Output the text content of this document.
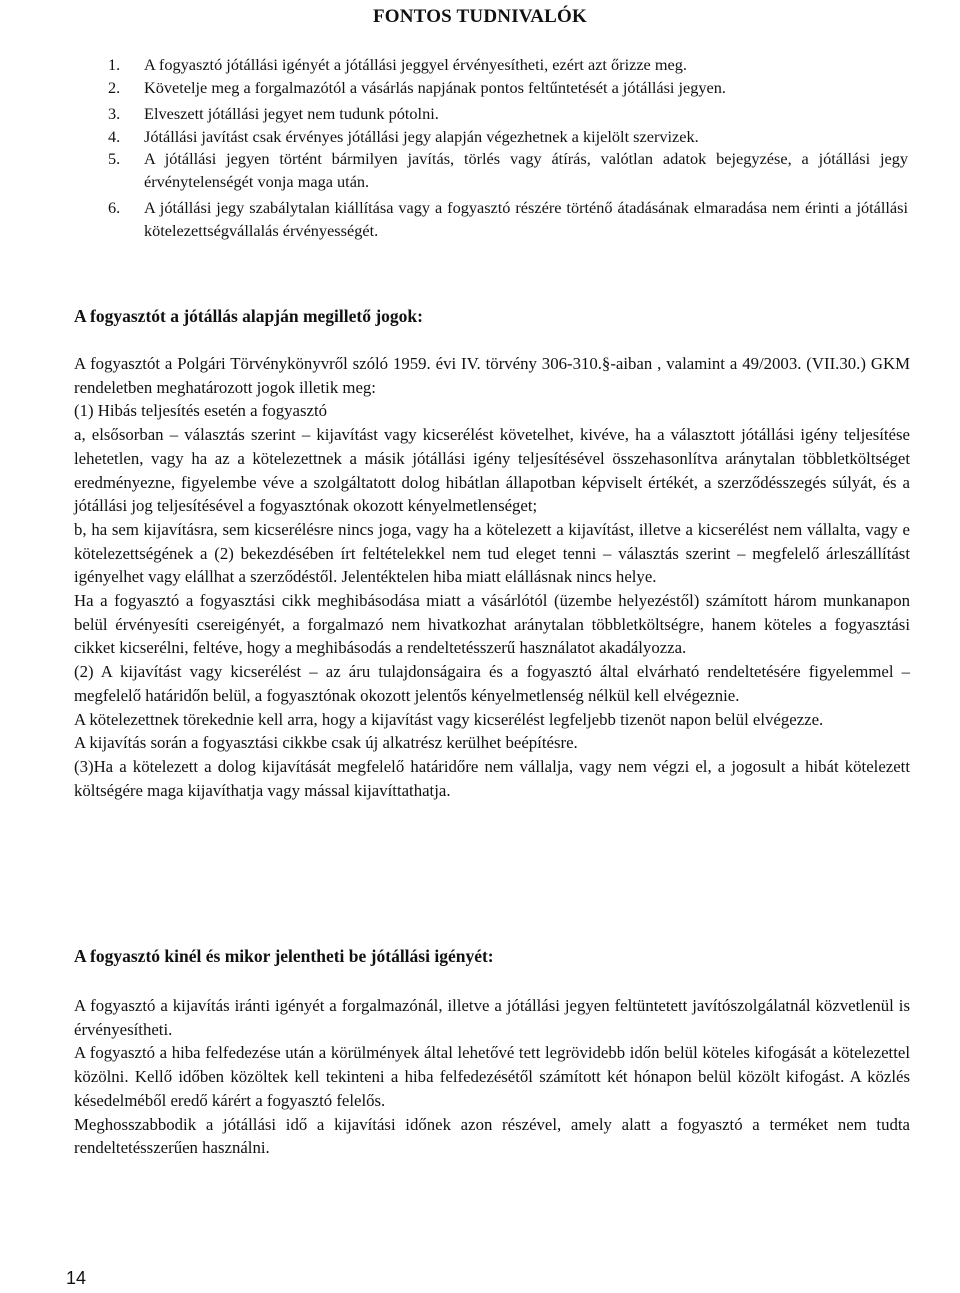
FONTOS TUDNIVALÓK
1.	A fogyasztó jótállási igényét a jótállási jeggyel érvényesítheti, ezért azt őrizze meg.
2.	Követelje meg a forgalmazótól a vásárlás napjának pontos feltűntetését a jótállási jegyen.
3.	Elveszett jótállási jegyet nem tudunk pótolni.
4.	Jótállási javítást csak érvényes jótállási jegy alapján végezhetnek a kijelölt szervizek.
5.	A jótállási jegyen történt bármilyen javítás, törlés vagy átírás, valótlan adatok bejegyzése, a jótállási jegy érvénytelenségét vonja maga után.
6.	A jótállási jegy szabálytalan kiállítása vagy a fogyasztó részére történő átadásának elmaradása nem érinti a jótállási kötelezettségvállalás érvényességét.
A fogyasztót a jótállás alapján megillető jogok:

A fogyasztót a Polgári Törvénykönyvről szóló 1959. évi IV. törvény 306-310.§-aiban , valamint a 49/2003. (VII.30.) GKM rendeletben meghatározott jogok illetik meg:

(1) Hibás teljesítés esetén a fogyasztó

a, elsősorban – választás szerint – kijavítást vagy kicserélést követelhet, kivéve, ha a választott jótállási igény teljesítése lehetetlen, vagy ha az a kötelezettnek a másik jótállási igény teljesítésével összehasonlítva aránytalan többletköltséget eredményezne, figyelembe véve a szolgáltatott dolog hibátlan állapotban képviselt értékét, a szerződésszegés súlyát, és a jótállási jog teljesítésével a fogyasztónak okozott kényelmetlenséget;

b, ha sem kijavításra, sem kicserélésre nincs joga, vagy ha a kötelezett a kijavítást, illetve a kicserélést nem vállalta, vagy e kötelezettségének a (2) bekezdésében írt feltételekkel nem tud eleget tenni – választás szerint – megfelelő árleszállítást igényelhet vagy elállhat a szerződéstől. Jelentéktelen hiba miatt elállásnak nincs helye.

Ha a fogyasztó a fogyasztási cikk meghibásodása miatt a vásárlótól (üzembe helyezéstől) számított három munkanapon belül érvényesíti csereigényét, a forgalmazó nem hivatkozhat aránytalan többletköltségre, hanem köteles a fogyasztási cikket kicserélni, feltéve, hogy a meghibásodás a rendeltetésszerű használatot akadályozza.

(2) A kijavítást vagy kicserélést – az áru tulajdonságaira és a fogyasztó által elvárható rendeltetésére figyelemmel – megfelelő határidőn belül, a fogyasztónak okozott jelentős kényelmetlenség nélkül kell elvégeznie.

A kötelezettnek törekednie kell arra, hogy a kijavítást vagy kicserélést legfeljebb tizenöt napon belül elvégezze.

A kijavítás során a fogyasztási cikkbe csak új alkatrész kerülhet beépítésre.

(3)Ha a kötelezett a dolog kijavítását megfelelő határidőre nem vállalja, vagy nem végzi el, a jogosult a hibát kötelezett költségére maga kijavíthatja vagy mással kijavíttathatja.

A fogyasztó kinél és mikor jelentheti be jótállási igényét:

A fogyasztó a kijavítás iránti igényét a forgalmazónál, illetve a jótállási jegyen feltüntetett javítószolgálatnál közvetlenül is érvényesítheti.

A fogyasztó a hiba felfedezése után a körülmények által lehetővé tett legrövidebb időn belül köteles kifogását a kötelezettel közölni. Kellő időben közöltek kell tekinteni a hiba felfedezésétől számított két hónapon belül közölt kifogást. A közlés késedelméből eredő kárért a fogyasztó felelős.

Meghosszabbodik a jótállási idő a kijavítási időnek azon részével, amely alatt a fogyasztó a terméket nem tudta rendeltetésszerűen használni.

14
